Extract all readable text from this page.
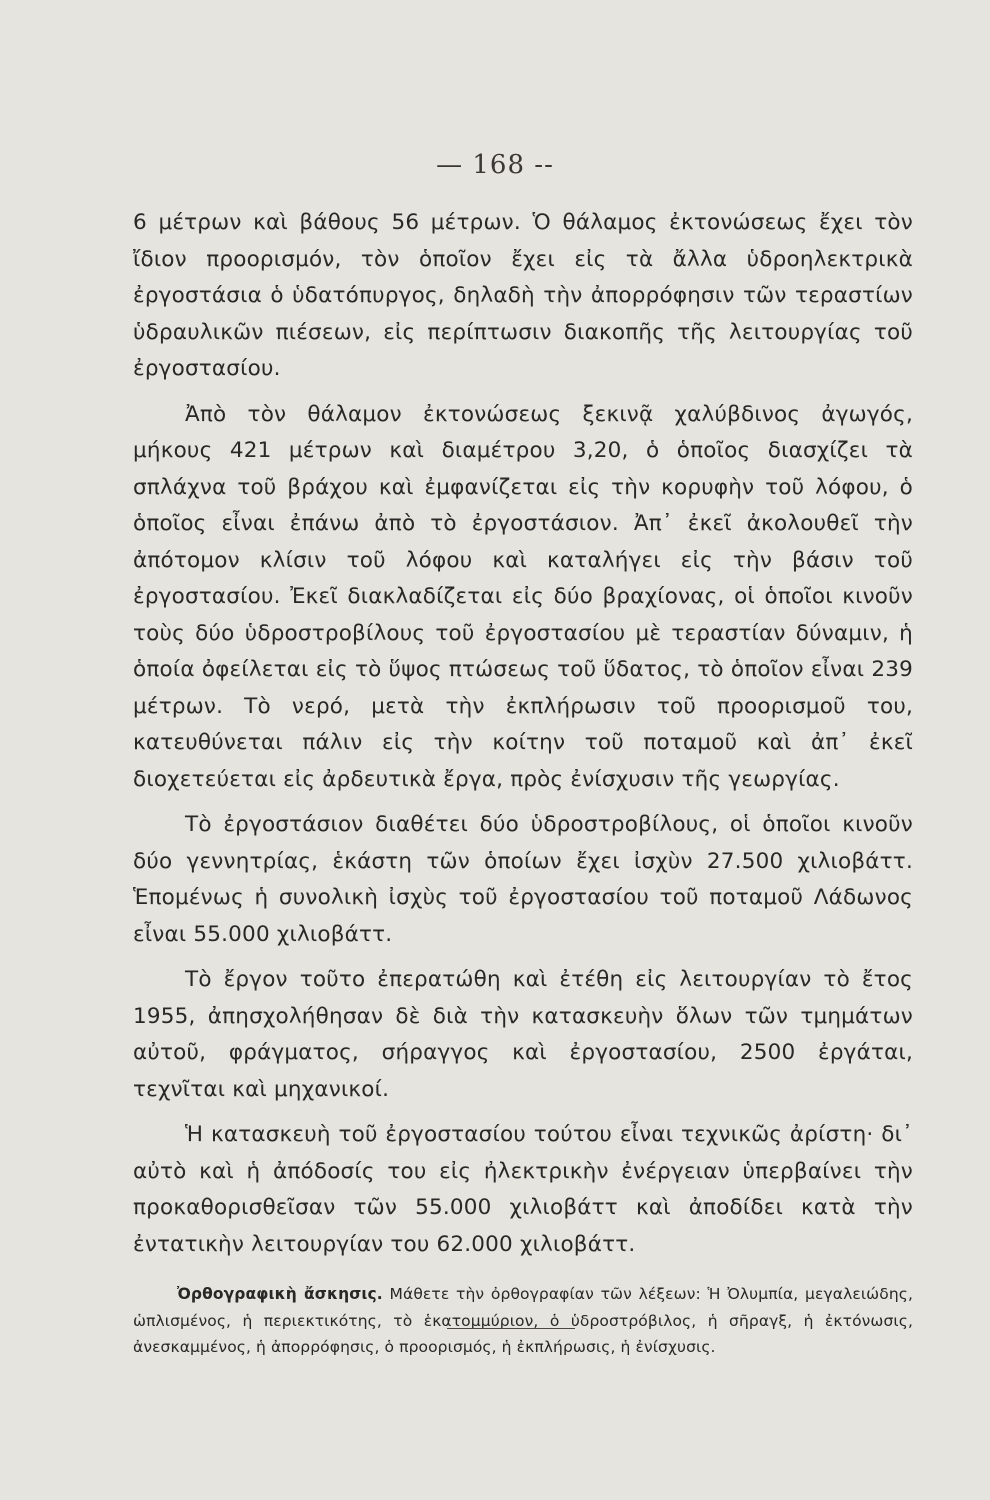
— 168 --

6 μέτρων καὶ βάθους 56 μέτρων. Ὁ θάλαμος ἐκτονώσεως ἔχει τὸν ἴδιον προορισμόν, τὸν ὁποῖον ἔχει εἰς τὰ ἄλλα ὑδροηλεκτρικὰ ἐργοστάσια ὁ ὑδατόπυργος, δηλαδὴ τὴν ἀπορρόφησιν τῶν τεραστίων ὑδραυλικῶν πιέσεων, εἰς περίπτωσιν διακοπῆς τῆς λειτουργίας τοῦ ἐργοστασίου.

Ἀπὸ τὸν θάλαμον ἐκτονώσεως ξεκινᾷ χαλύβδινος ἀγωγός, μήκους 421 μέτρων καὶ διαμέτρου 3,20, ὁ ὁποῖος διασχίζει τὰ σπλάχνα τοῦ βράχου καὶ ἐμφανίζεται εἰς τὴν κορυφὴν τοῦ λόφου, ὁ ὁποῖος εἶναι ἐπάνω ἀπὸ τὸ ἐργοστάσιον. Ἀπ᾽ ἐκεῖ ἀκολουθεῖ τὴν ἀπότομον κλίσιν τοῦ λόφου καὶ καταλήγει εἰς τὴν βάσιν τοῦ ἐργοστασίου. Ἐκεῖ διακλαδίζεται εἰς δύο βραχίονας, οἱ ὁποῖοι κινοῦν τοὺς δύο ὑδροστροβίλους τοῦ ἐργοστασίου μὲ τεραστίαν δύναμιν, ἡ ὁποία ὀφείλεται εἰς τὸ ὕψος πτώσεως τοῦ ὕδατος, τὸ ὁποῖον εἶναι 239 μέτρων. Τὸ νερό, μετὰ τὴν ἐκπλήρωσιν τοῦ προορισμοῦ του, κατευθύνεται πάλιν εἰς τὴν κοίτην τοῦ ποταμοῦ καὶ ἀπ᾽ ἐκεῖ διοχετεύεται εἰς ἀρδευτικὰ ἔργα, πρὸς ἐνίσχυσιν τῆς γεωργίας.

Τὸ ἐργοστάσιον διαθέτει δύο ὑδροστροβίλους, οἱ ὁποῖοι κινοῦν δύο γεννητρίας, ἑκάστη τῶν ὁποίων ἔχει ἰσχὺν 27.500 χιλιοβάττ. Ἑπομένως ἡ συνολικὴ ἰσχὺς τοῦ ἐργοστασίου τοῦ ποταμοῦ Λάδωνος εἶναι 55.000 χιλιοβάττ.

Τὸ ἔργον τοῦτο ἐπερατώθη καὶ ἐτέθη εἰς λειτουργίαν τὸ ἔτος 1955, ἀπησχολήθησαν δὲ διὰ τὴν κατασκευὴν ὅλων τῶν τμημάτων αὐτοῦ, φράγματος, σήραγγος καὶ ἐργοστασίου, 2500 ἐργάται, τεχνῖται καὶ μηχανικοί.

Ἡ κατασκευὴ τοῦ ἐργοστασίου τούτου εἶναι τεχνικῶς ἀρίστη· δι᾽ αὐτὸ καὶ ἡ ἀπόδοσίς του εἰς ἠλεκτρικὴν ἐνέργειαν ὑπερβαίνει τὴν προκαθορισθεῖσαν τῶν 55.000 χιλιοβάττ καὶ ἀποδίδει κατὰ τὴν ἐντατικὴν λειτουργίαν του 62.000 χιλιοβάττ.

Ὀρθογραφικὴ ἄσκησις. Μάθετε τὴν ὀρθογραφίαν τῶν λέξεων: Ἡ Ὀλυμπία, μεγαλειώδης, ὡπλισμένος, ἡ περιεκτικότης, τὸ ἑκατομμύριον, ὁ ὑδροστρόβιλος, ἡ σῆραγξ, ἡ ἐκτόνωσις, ἀνεσκαμμένος, ἡ ἀπορρόφησις, ὁ προορισμός, ἡ ἐκπλήρωσις, ἡ ἐνίσχυσις.
